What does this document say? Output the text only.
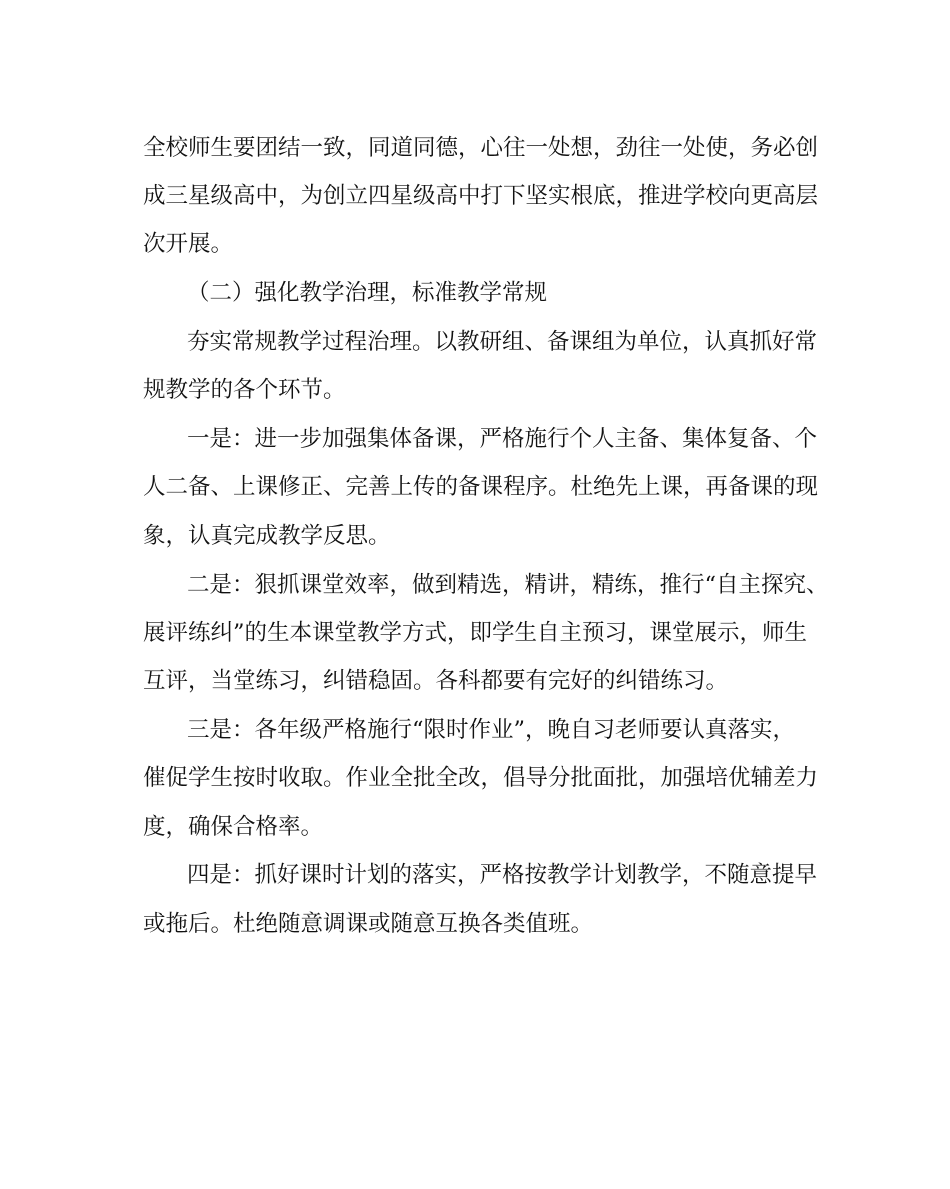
全校师生要团结一致，同道同德，心往一处想，劲往一处使，务必创
成三星级高中，为创立四星级高中打下坚实根底，推进学校向更高层
次开展。
（二）强化教学治理，标准教学常规
夯实常规教学过程治理。以教研组、备课组为单位，认真抓好常
规教学的各个环节。
一是：进一步加强集体备课，严格施行个人主备、集体复备、个
人二备、上课修正、完善上传的备课程序。杜绝先上课，再备课的现
象，认真完成教学反思。
二是：狠抓课堂效率，做到精选，精讲，精练，推行“自主探究、
展评练纠”的生本课堂教学方式，即学生自主预习，课堂展示，师生
互评，当堂练习，纠错稳固。各科都要有完好的纠错练习。
三是：各年级严格施行“限时作业”，晚自习老师要认真落实，
催促学生按时收取。作业全批全改，倡导分批面批，加强培优辅差力
度，确保合格率。
四是：抓好课时计划的落实，严格按教学计划教学，不随意提早
或拖后。杜绝随意调课或随意互换各类值班。
